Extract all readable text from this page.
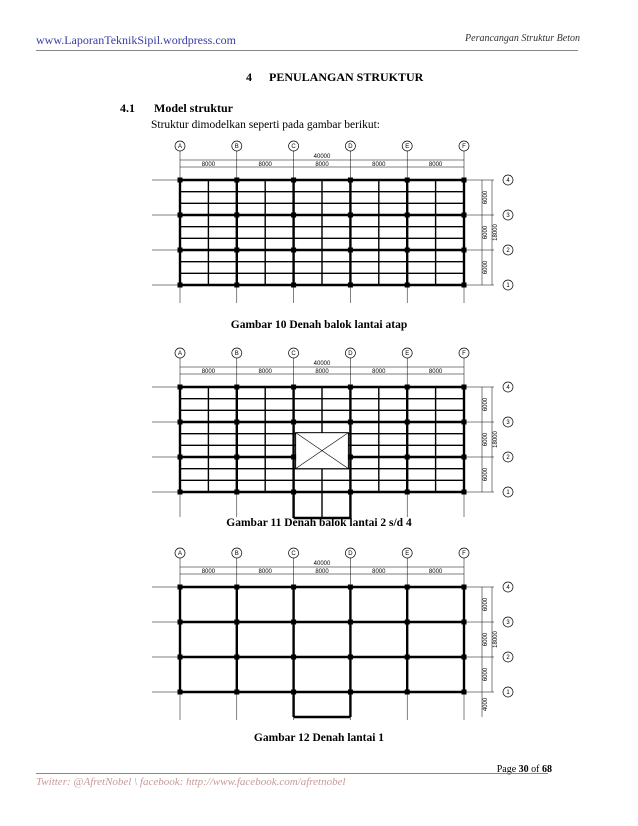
www.LaporanTeknikSipil.wordpress.com	Perancangan Struktur Beton
4 PENULANGAN STRUKTUR
4.1 Model struktur
Struktur dimodelkan seperti pada gambar berikut:
A	B	C	D	E	F
40000
8000	8000	8000	8000	8000
4
3
2
1
6000
6000
6000
18000
Gambar 10 Denah balok lantai atap
A	B	C	D	E	F
40000
8000	8000	8000	8000	8000
4
3
2
1
6000
6000
6000
18000
Gambar 11 Denah balok lantai 2 s/d 4
A	B	C	D	E	F
40000
8000	8000	8000	8000	8000
4
3
2
1
6000
6000
6000
4000
18000
Gambar 12 Denah lantai 1
Page 30 of 68
Twitter: @AfretNobel \ facebook: http://www.facebook.com/afretnobel
